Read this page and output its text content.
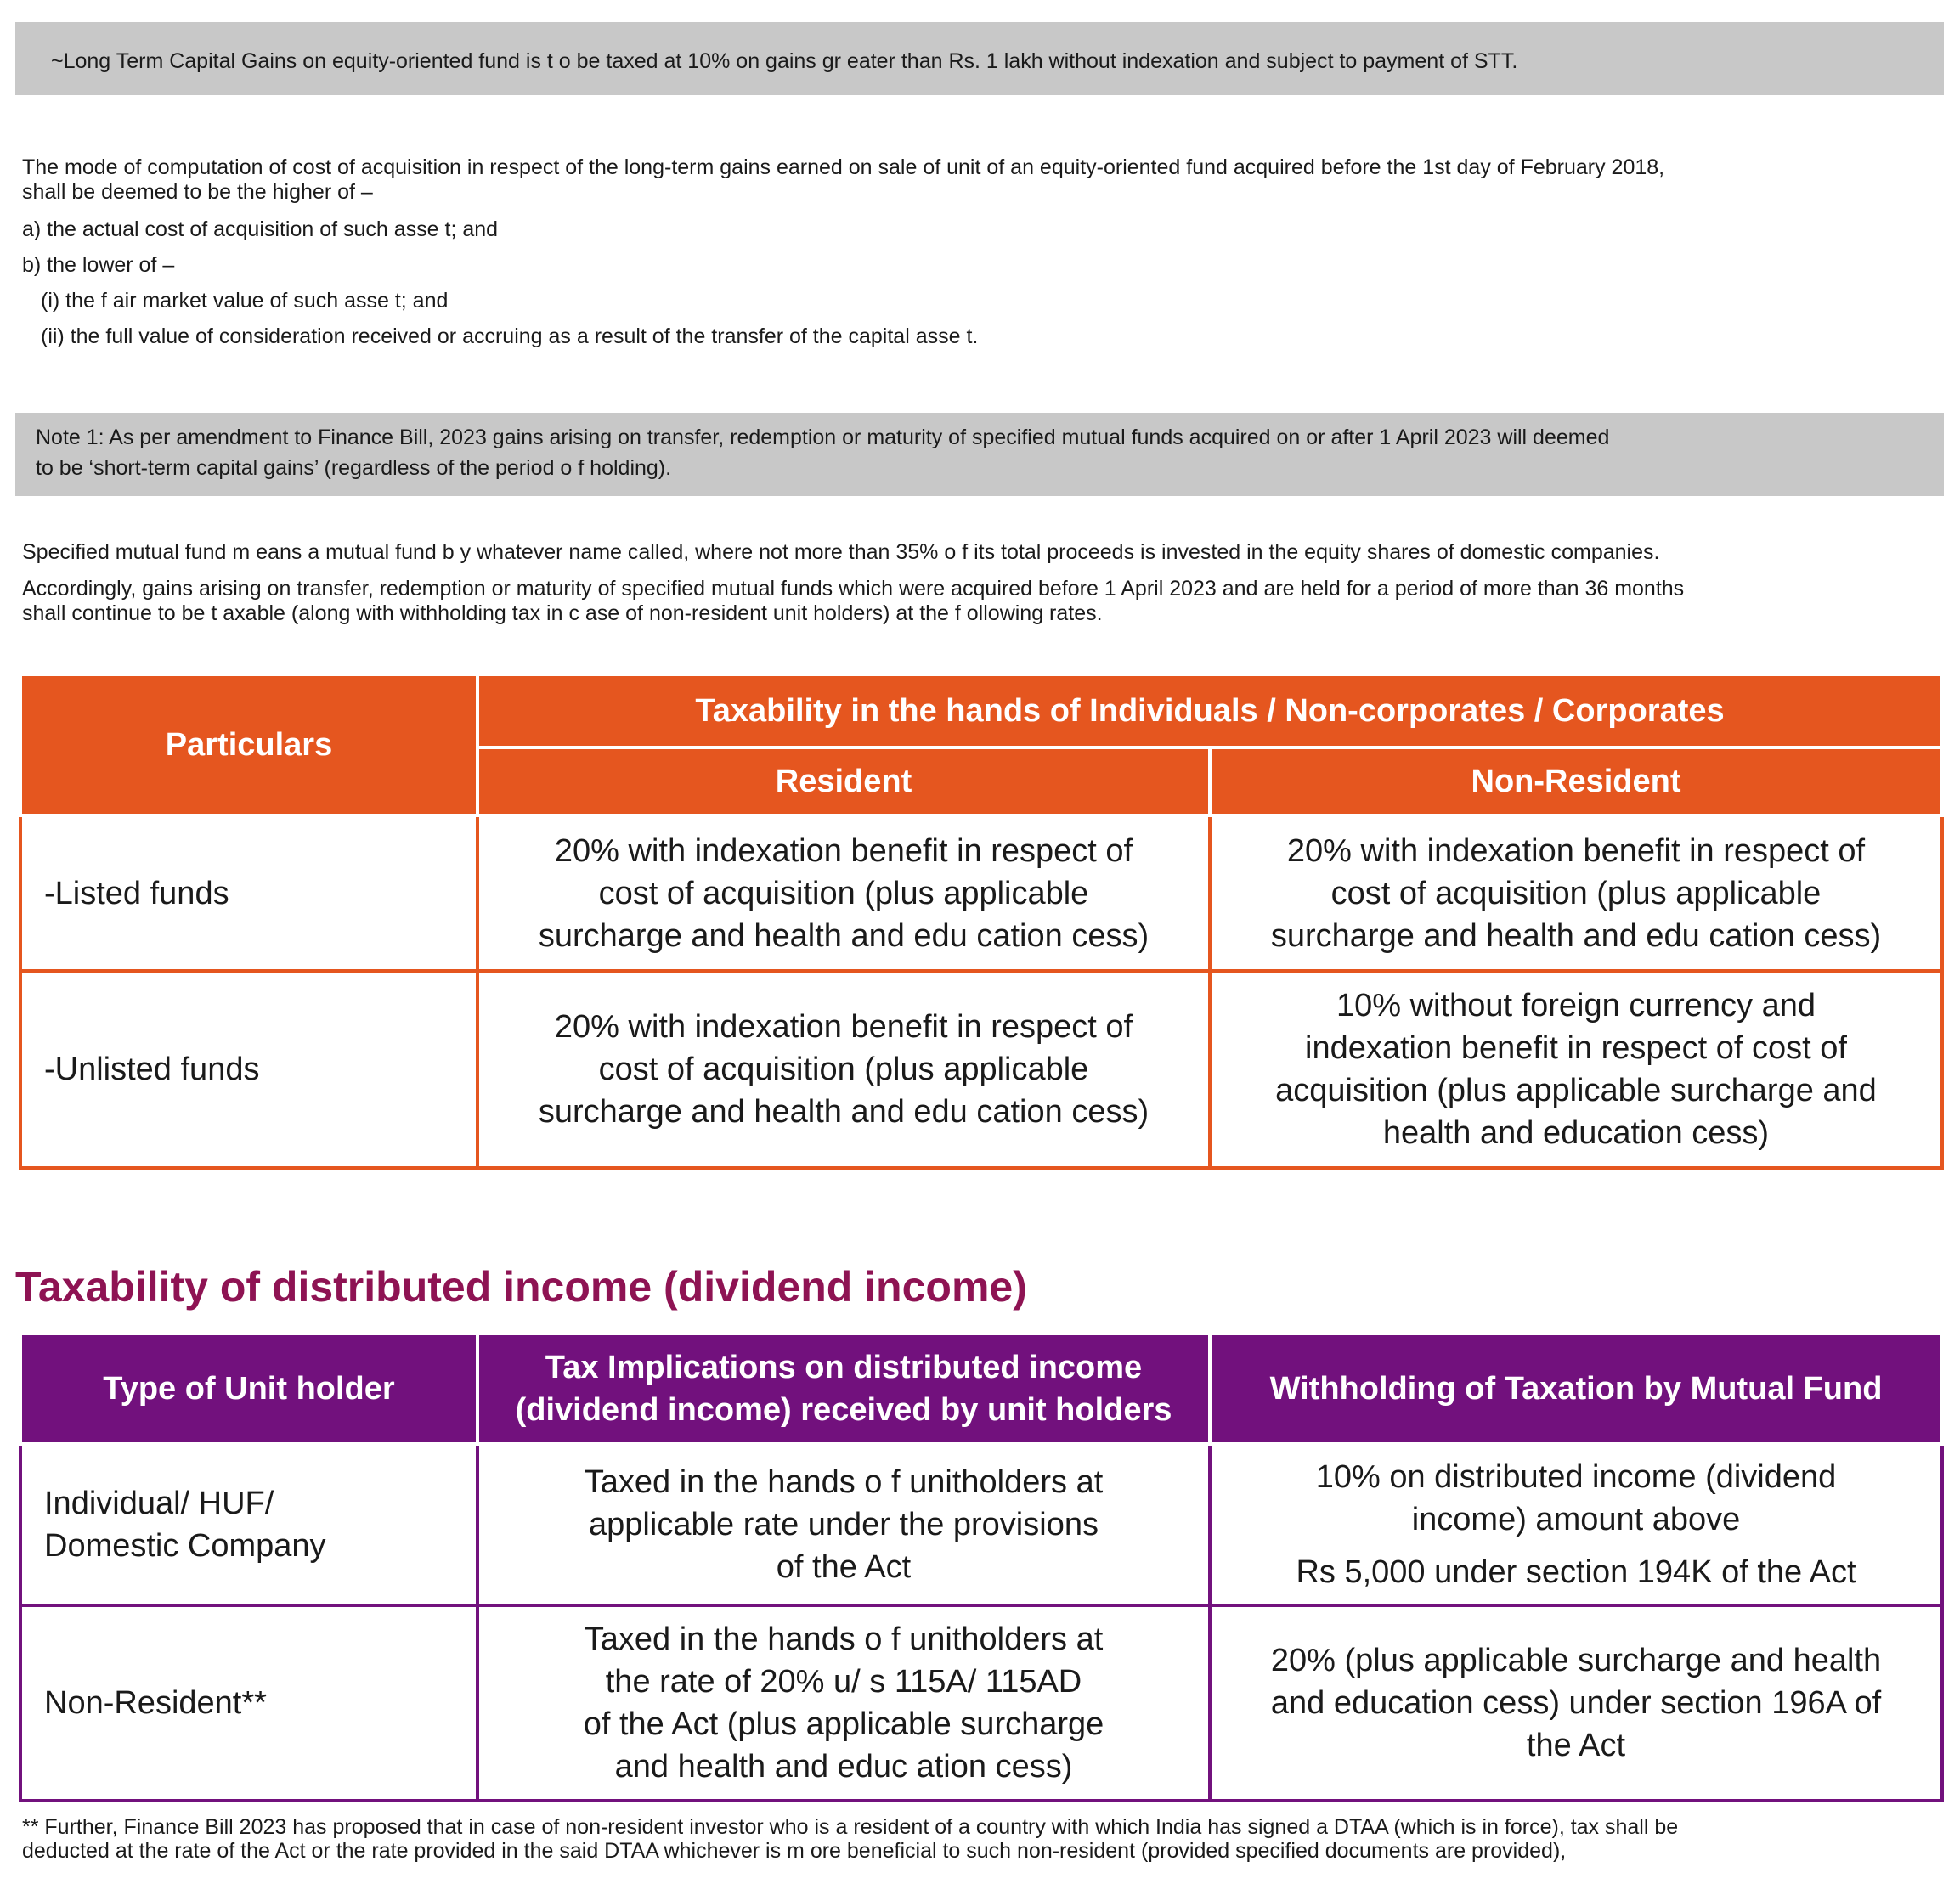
~Long Term Capital Gains on equity-oriented fund is t o be taxed at 10% on gains gr eater than Rs. 1 lakh without indexation and subject to payment of STT.

The mode of computation of cost of acquisition in respect of the long-term gains earned on sale of unit of an equity-oriented fund acquired before the 1st day of February 2018,

shall be deemed to be the higher of –

a) the actual cost of acquisition of such asse t; and

b) the lower of –

(i) the f air market value of such asse t; and

(ii) the full value of consideration received or accruing as a result of the transfer of the capital asse t.

Note 1: As per amendment to Finance Bill, 2023 gains arising on transfer, redemption or maturity of specified mutual funds acquired on or after 1 April 2023 will deemed
to be ‘short-term capital gains’ (regardless of the period o f holding).

Specified mutual fund m eans a mutual fund b y whatever name called, where not more than 35% o f its total proceeds is invested in the equity shares of domestic companies.

Accordingly, gains arising on transfer, redemption or maturity of specified mutual funds which were acquired before 1 April 2023 and are held for a period of more than 36 months

shall continue to be t axable (along with withholding tax in c ase of non-resident unit holders) at the f ollowing rates.

Particulars	Taxability in the hands of Individuals / Non-corporates / Corporates	
	Resident	Non-Resident
-Listed funds	20% with indexation benefit in respect of
cost of acquisition (plus applicable
surcharge and health and edu cation cess)	20% with indexation benefit in respect of
cost of acquisition (plus applicable
surcharge and health and edu cation cess)

-Unlisted funds	20% with indexation benefit in respect of
cost of acquisition (plus applicable
surcharge and health and edu cation cess)	10% without foreign currency and
indexation benefit in respect of cost of
acquisition (plus applicable surcharge and
health and education cess)
Taxability of distributed income (dividend income)
Type of Unit holder	Tax Implications on distributed income
(dividend income) received by unit holders	Withholding of Taxation by Mutual Fund

Individual/ HUF/
Domestic Company	Taxed in the hands o f unitholders at
applicable rate under the provisions
of the Act	10% on distributed income (dividend
income) amount above
Rs 5,000 under section 194K of the Act

Non-Resident**	Taxed in the hands o f unitholders at
the rate of 20% u/ s 115A/ 115AD
of the Act (plus applicable surcharge
and health and educ ation cess)	20% (plus applicable surcharge and health
and education cess) under section 196A of
the Act

** Further, Finance Bill 2023 has proposed that in case of non-resident investor who is a resident of a country with which India has signed a DTAA (which is in force), tax shall be

deducted at the rate of the Act or the rate provided in the said DTAA whichever is m ore beneficial to such non-resident (provided specified documents are provided),
